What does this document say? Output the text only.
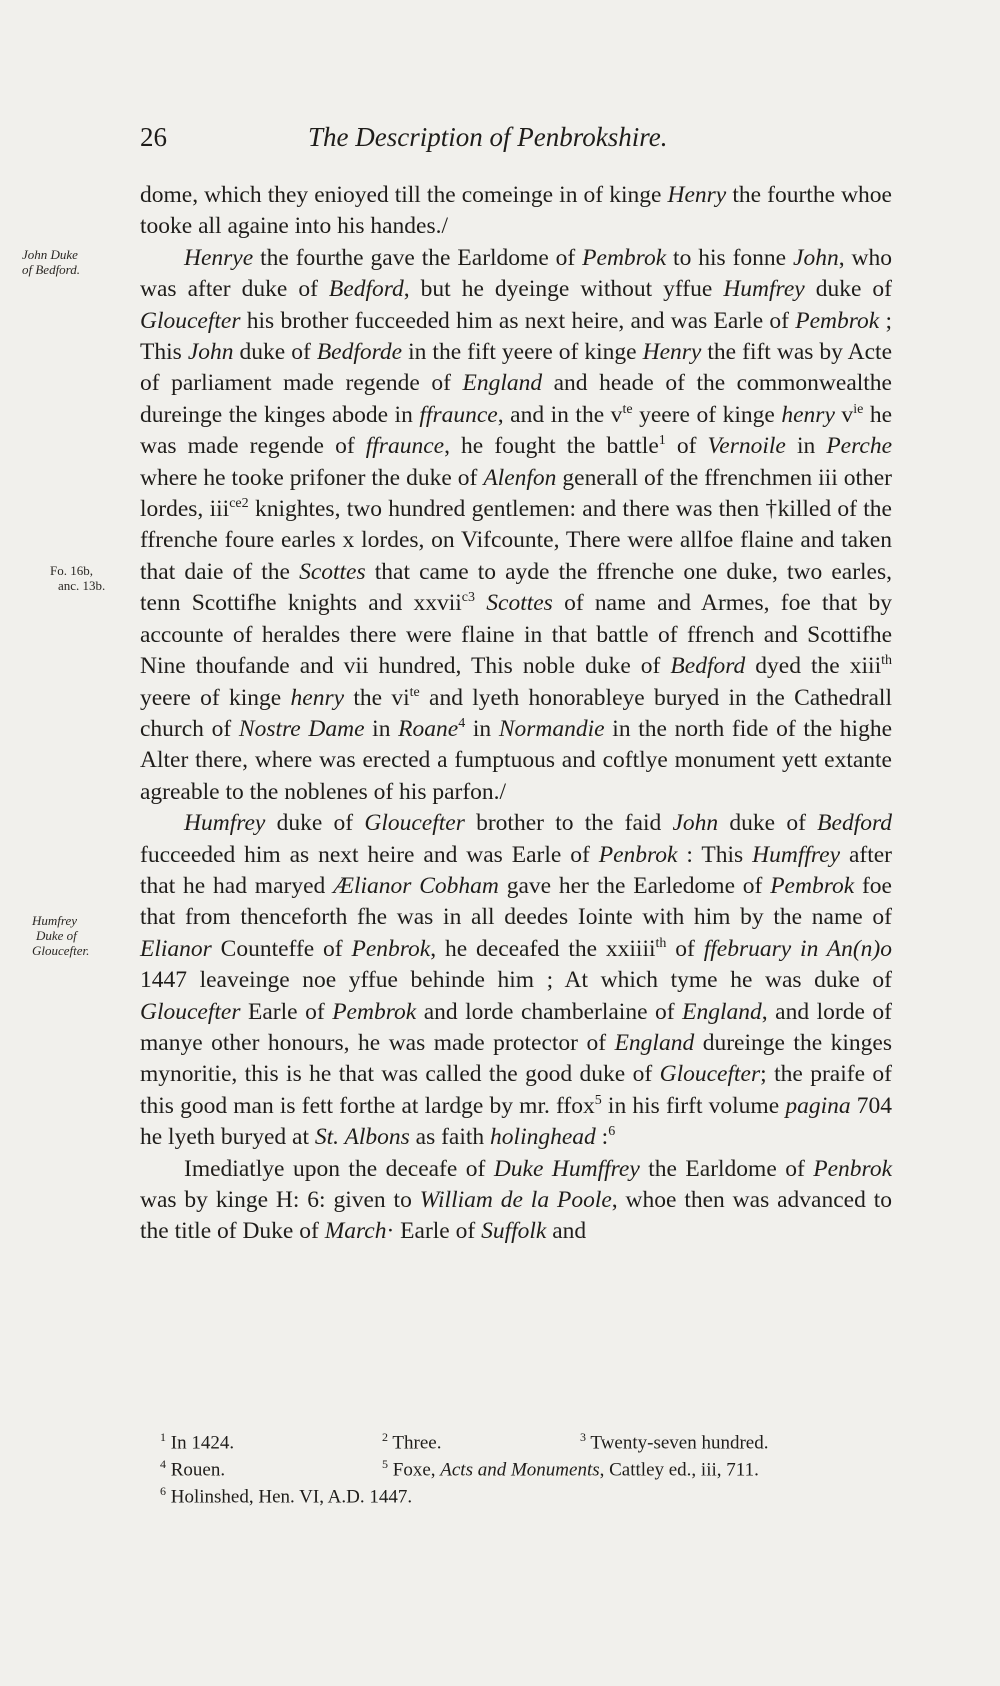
26	The Description of Penbrokshire.
John Duke
of Bedford.
Fo. 16b,
anc. 13b.
Humfrey
Duke of
Gloucefter.

dome, which they enioyed till the comeinge in of kinge Henry the fourthe whoe tooke all againe into his handes./

Henrye the fourthe gave the Earldome of Pembrok to his fonne John, who was after duke of Bedford, but he dyeinge without yffue Humfrey duke of Gloucefter his brother fucceeded him as next heire, and was Earle of Pembrok ; This John duke of Bedforde in the fift yeere of kinge Henry the fift was by Acte of parliament made regende of England and heade of the commonwealthe dureinge the kinges abode in ffraunce, and in the v$^{te}$ yeere of kinge henry v$^{ie}$ he was made regende of ffraunce, he fought the battle$^1$ of Vernoile in Perche where he tooke prifoner the duke of Alenfon generall of the ffrenchmen iii other lordes, iii$^{ce2}$ knightes, two hundred gentlemen: and there was then †killed of the ffrenche foure earles x lordes, on Vifcounte, There were allfoe flaine and taken that daie of the Scottes that came to ayde the ffrenche one duke, two earles, tenn Scottifhe knights and xxvii$^{c3}$ Scottes of name and Armes, foe that by accounte of heraldes there were flaine in that battle of ffrench and Scottifhe Nine thoufande and vii hundred, This noble duke of Bedford dyed the xiii$^{th}$ yeere of kinge henry the vi$^{te}$ and lyeth honorableye buryed in the Cathedrall church of Nostre Dame in Roane$^4$ in Normandie in the north fide of the highe Alter there, where was erected a fumptuous and coftlye monument yett extante agreable to the noblenes of his parfon./

Humfrey duke of Gloucefter brother to the faid John duke of Bedford fucceeded him as next heire and was Earle of Penbrok : This Humffrey after that he had maryed Ælianor Cobham gave her the Earledome of Pembrok foe that from thenceforth fhe was in all deedes Iointe with him by the name of Elianor Counteffe of Penbrok, he deceafed the xxiiii$^{th}$ of ffebruary in An(n)o 1447 leaveinge noe yffue behinde him ; At which tyme he was duke of Gloucefter Earle of Pembrok and lorde chamberlaine of England, and lorde of manye other honours, he was made protector of England dureinge the kinges mynoritie, this is he that was called the good duke of Gloucefter; the praife of this good man is fett forthe at lardge by mr. ffox$^5$ in his firft volume pagina 704 he lyeth buryed at St. Albons as faith holinghead :$^6$

Imediatlye upon the deceafe of Duke Humffrey the Earldome of Penbrok was by kinge H: 6: given to William de la Poole, whoe then was advanced to the title of Duke of March· Earle of Suffolk and

$^1$ In 1424.	$^2$ Three.	$^3$ Twenty-seven hundred.
$^4$ Rouen.	$^5$ Foxe, Acts and Monuments, Cattley ed., iii, 711.
$^6$ Holinshed, Hen. VI, A.D. 1447.
